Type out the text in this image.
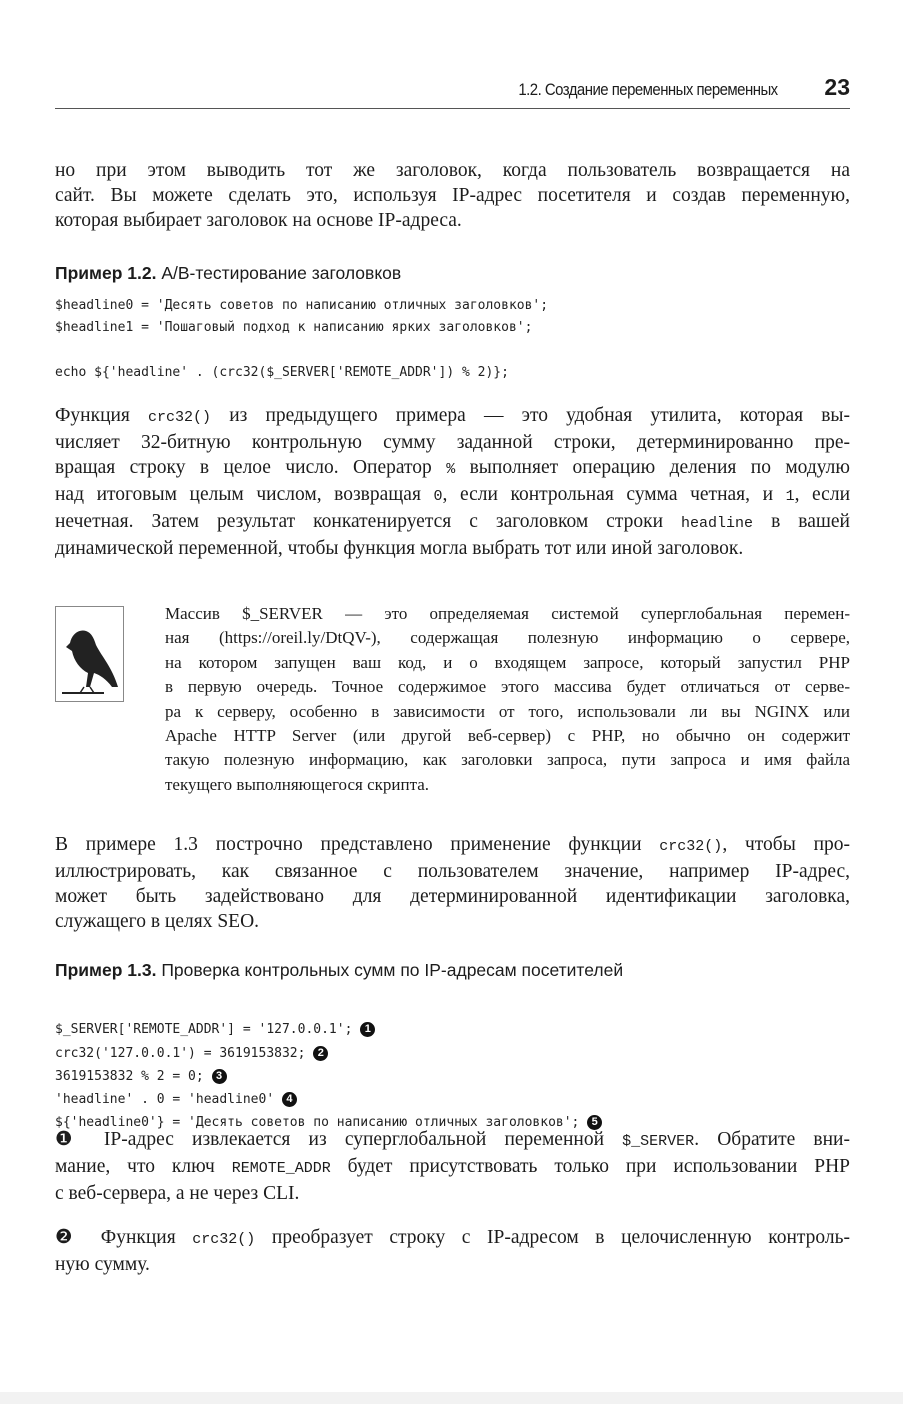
1.2. Создание переменных переменных 23
но при этом выводить тот же заголовок, когда пользователь возвращается на
сайт. Вы можете сделать это, используя IP-адрес посетителя и создав переменную,
которая выбирает заголовок на основе IP-адреса.
Пример 1.2. A/B-тестирование заголовков
$headline0 = 'Десять советов по написанию отличных заголовков';
$headline1 = 'Пошаговый подход к написанию ярких заголовков';
echo ${'headline' . (crc32($_SERVER['REMOTE_ADDR']) % 2)};
Функция crc32() из предыдущего примера — это удобная утилита, которая вы-
числяет 32-битную контрольную сумму заданной строки, детерминированно пре-
вращая строку в целое число. Оператор % выполняет операцию деления по модулю
над итоговым целым числом, возвращая 0, если контрольная сумма четная, и 1, если
нечетная. Затем результат конкатенируется с заголовком строки headline в вашей
динамической переменной, чтобы функция могла выбрать тот или иной заголовок.
Массив $_SERVER — это определяемая системой суперглобальная перемен-
ная (https://oreil.ly/DtQV-), содержащая полезную информацию о сервере,
на котором запущен ваш код, и о входящем запросе, который запустил PHP
в первую очередь. Точное содержимое этого массива будет отличаться от серве-
ра к серверу, особенно в зависимости от того, использовали ли вы NGINX или
Apache HTTP Server (или другой веб-сервер) с PHP, но обычно он содержит
такую полезную информацию, как заголовки запроса, пути запроса и имя файла
текущего выполняющегося скрипта.
В примере 1.3 построчно представлено применение функции crc32(), чтобы про-
иллюстрировать, как связанное с пользователем значение, например IP-адрес,
может быть задействовано для детерминированной идентификации заголовка,
служащего в целях SEO.
Пример 1.3. Проверка контрольных сумм по IP-адресам посетителей

$_SERVER['REMOTE_ADDR'] = '127.0.0.1'; 1
crc32('127.0.0.1') = 3619153832; 2
3619153832 % 2 = 0; 3
'headline' . 0 = 'headline0' 4
${'headline0'} = 'Десять советов по написанию отличных заголовков'; 5
❶ IP-адрес извлекается из суперглобальной переменной $_SERVER. Обратите вни-
мание, что ключ REMOTE_ADDR будет присутствовать только при использовании PHP
с веб-сервера, а не через CLI.
❷ Функция crc32() преобразует строку с IP-адресом в целочисленную контроль-
ную сумму.
